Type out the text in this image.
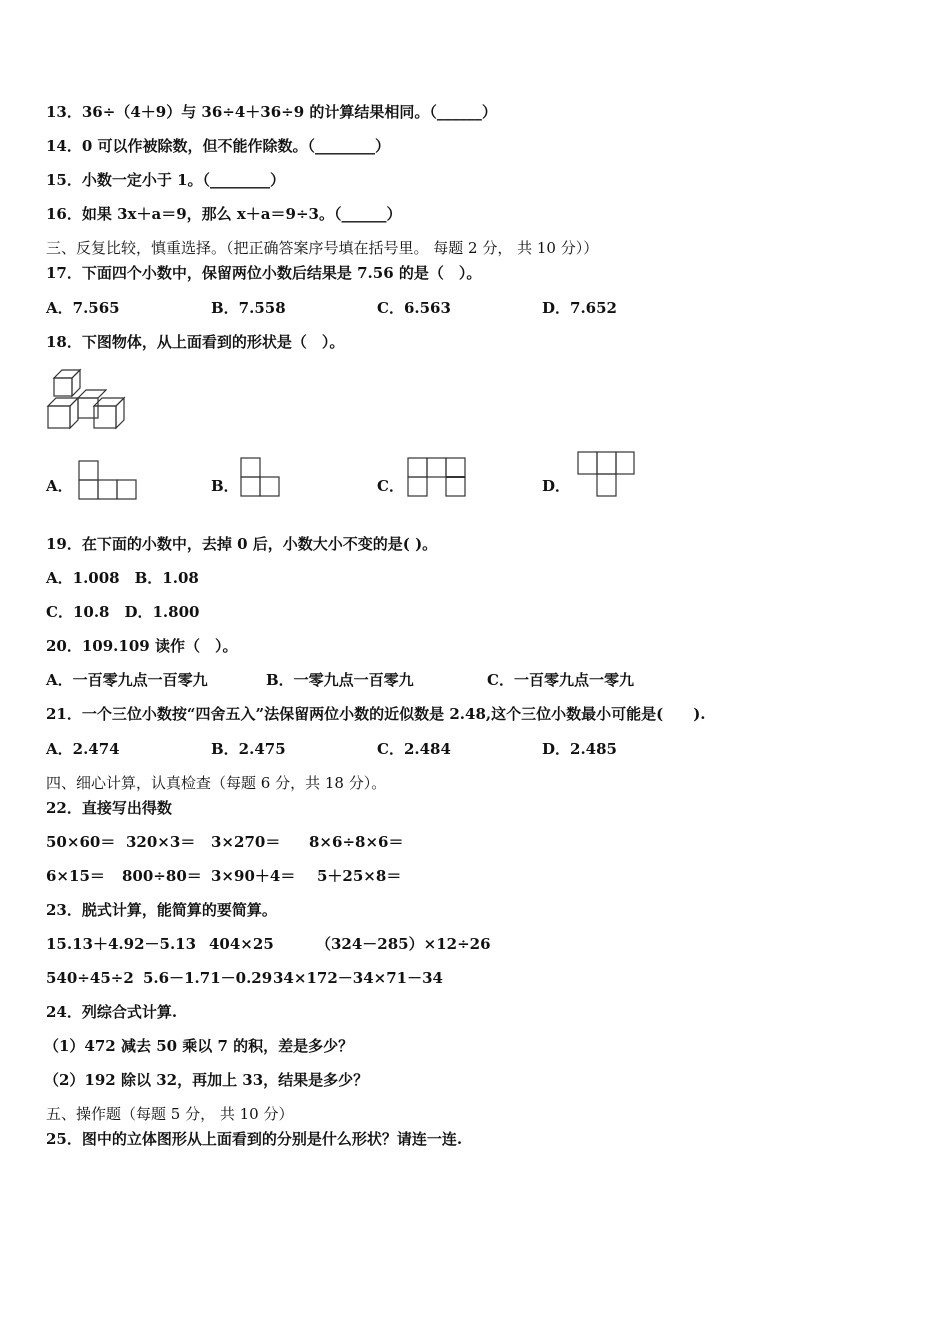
13．36÷（4＋9）与 36÷4＋36÷9 的计算结果相同。（______）
14．0 可以作被除数，但不能作除数。（________）
15．小数一定小于 1。（________）
16．如果 3x＋a＝9，那么 x＋a＝9÷3。（______）
三、反复比较，慎重选择。（把正确答案序号填在括号里。 每题 2 分， 共 10 分））
17．下面四个小数中，保留两位小数后结果是 7.56 的是（　）。
A．7.565	B．7.558	C．6.563	D．7.652
18．下图物体，从上面看到的形状是（　）。
A．	B．	C．	D．
19．在下面的小数中，去掉 0 后，小数大小不变的是( )。
A．1.008　B．1.08
C．10.8　D．1.800
20．109.109 读作（　）。
A．一百零九点一百零九	B．一零九点一百零九	C．一百零九点一零九
21．一个三位小数按“四舍五入”法保留两位小数的近似数是 2.48,这个三位小数最小可能是(　　).
A．2.474	B．2.475	C．2.484	D．2.485
四、细心计算，认真检查（每题 6 分，共 18 分）。
22．直接写出得数
50×60＝ 320×3＝ 3×270＝ 8×6÷8×6＝
6×15＝ 800÷80＝ 3×90＋4＝ 5＋25×8＝
23．脱式计算，能简算的要简算。
15.13＋4.92－5.13 404×25	（324－285）×12÷26
540÷45÷2 5.6－1.71－0.29 34×172－34×71－34
24．列综合式计算.
（1）472 减去 50 乘以 7 的积，差是多少？
（2）192 除以 32，再加上 33，结果是多少？
五、操作题（每题 5 分， 共 10 分）
25．图中的立体图形从上面看到的分别是什么形状？请连一连.
